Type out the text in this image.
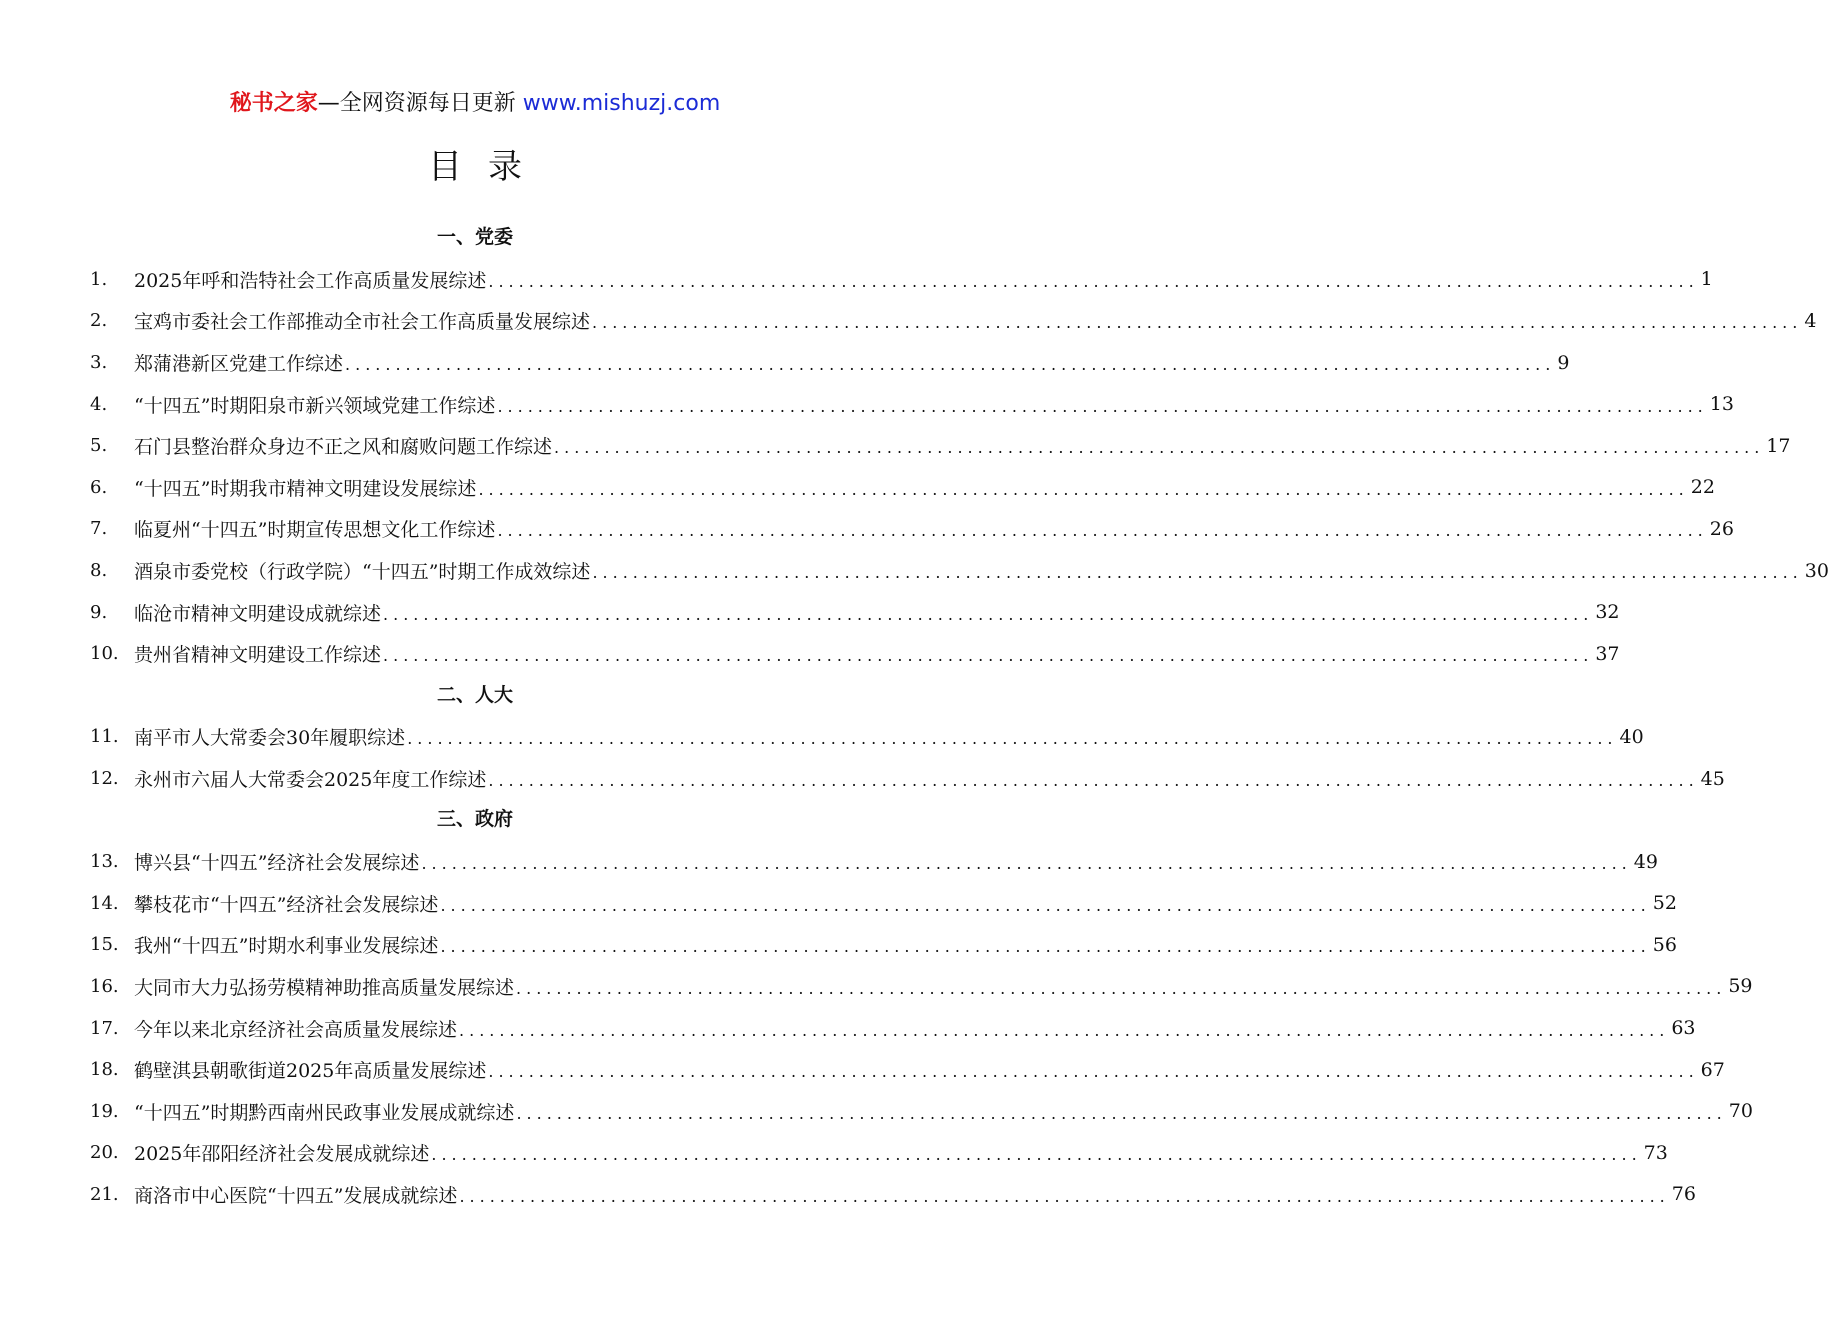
秘书之家—全网资源每日更新 www.mishuzj.com
目录
一、党委
1.	2025年呼和浩特社会工作高质量发展综述 ........................................................................................................................ 1
2.	宝鸡市委社会工作部推动全市社会工作高质量发展综述 ........................................................................................................................ 4
3.	郑蒲港新区党建工作综述 ........................................................................................................................ 9
4.	“十四五”时期阳泉市新兴领域党建工作综述 ........................................................................................................................ 13
5.	石门县整治群众身边不正之风和腐败问题工作综述 ........................................................................................................................ 17
6.	“十四五”时期我市精神文明建设发展综述 ........................................................................................................................ 22
7.	临夏州“十四五”时期宣传思想文化工作综述 ........................................................................................................................ 26
8.	酒泉市委党校（行政学院）“十四五”时期工作成效综述 ........................................................................................................................ 30
9.	临沧市精神文明建设成就综述 ........................................................................................................................ 32
10. 贵州省精神文明建设工作综述 ........................................................................................................................ 37
二、人大
11. 南平市人大常委会30年履职综述 ........................................................................................................................ 40
12. 永州市六届人大常委会2025年度工作综述 ........................................................................................................................ 45
三、政府
13. 博兴县“十四五”经济社会发展综述 ........................................................................................................................ 49
14. 攀枝花市“十四五”经济社会发展综述 ........................................................................................................................ 52
15. 我州“十四五”时期水利事业发展综述 ........................................................................................................................ 56
16. 大同市大力弘扬劳模精神助推高质量发展综述 ........................................................................................................................ 59
17. 今年以来北京经济社会高质量发展综述 ........................................................................................................................ 63
18. 鹤壁淇县朝歌街道2025年高质量发展综述 ........................................................................................................................ 67
19. “十四五”时期黔西南州民政事业发展成就综述 ........................................................................................................................ 70
20. 2025年邵阳经济社会发展成就综述 ........................................................................................................................ 73
21. 商洛市中心医院“十四五”发展成就综述 ........................................................................................................................ 76
